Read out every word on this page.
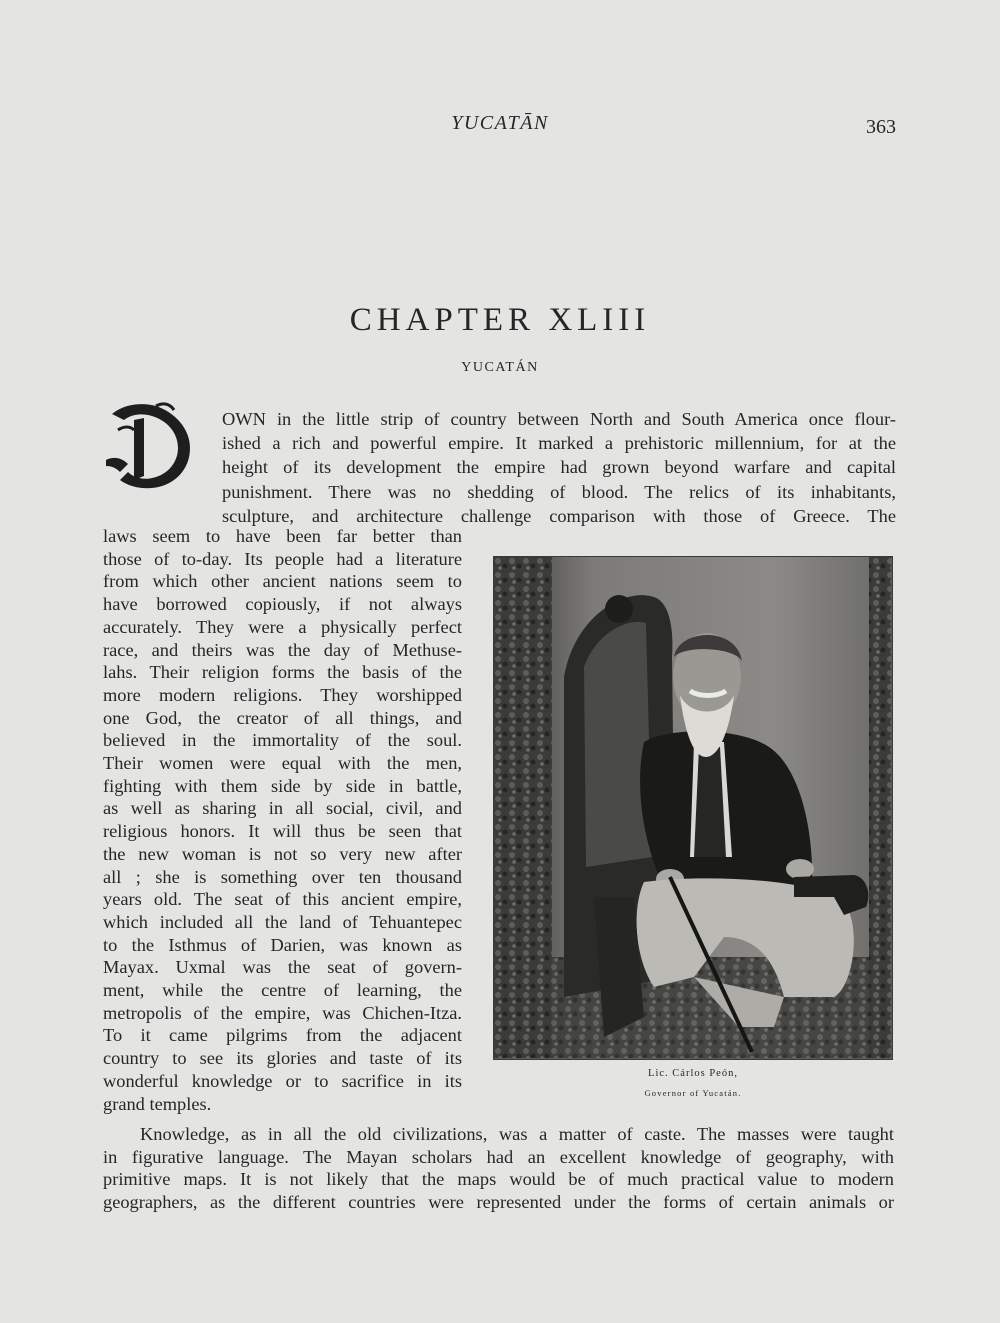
YUCATĀN	363
CHAPTER XLIII
YUCATÁN
OWN in the little strip of country between North and South America once flour-
ished a rich and powerful empire. It marked a prehistoric millennium, for at the
height of its development the empire had grown beyond warfare and capital
punishment. There was no shedding of blood. The relics of its inhabitants,
sculpture, and architecture challenge comparison with those of Greece. The
laws seem to have been far better than
those of to-day. Its people had a literature
from which other ancient nations seem to
have borrowed copiously, if not always
accurately. They were a physically perfect
race, and theirs was the day of Methuse-
lahs. Their religion forms the basis of the
more modern religions. They worshipped
one God, the creator of all things, and
believed in the immortality of the soul.
Their women were equal with the men,
fighting with them side by side in battle,
as well as sharing in all social, civil, and
religious honors. It will thus be seen that
the new woman is not so very new after
all ; she is something over ten thousand
years old. The seat of this ancient empire,
which included all the land of Tehuantepec
to the Isthmus of Darien, was known as
Mayax. Uxmal was the seat of govern-
ment, while the centre of learning, the
metropolis of the empire, was Chichen-Itza.
To it came pilgrims from the adjacent
country to see its glories and taste of its
wonderful knowledge or to sacrifice in its
grand temples.
Knowledge, as in all the old civilizations, was a matter of caste. The masses were taught
in figurative language. The Mayan scholars had an excellent knowledge of geography, with
primitive maps. It is not likely that the maps would be of much practical value to modern
geographers, as the different countries were represented under the forms of certain animals or
Lic. Cárlos Peón,
Governor of Yucatán.
